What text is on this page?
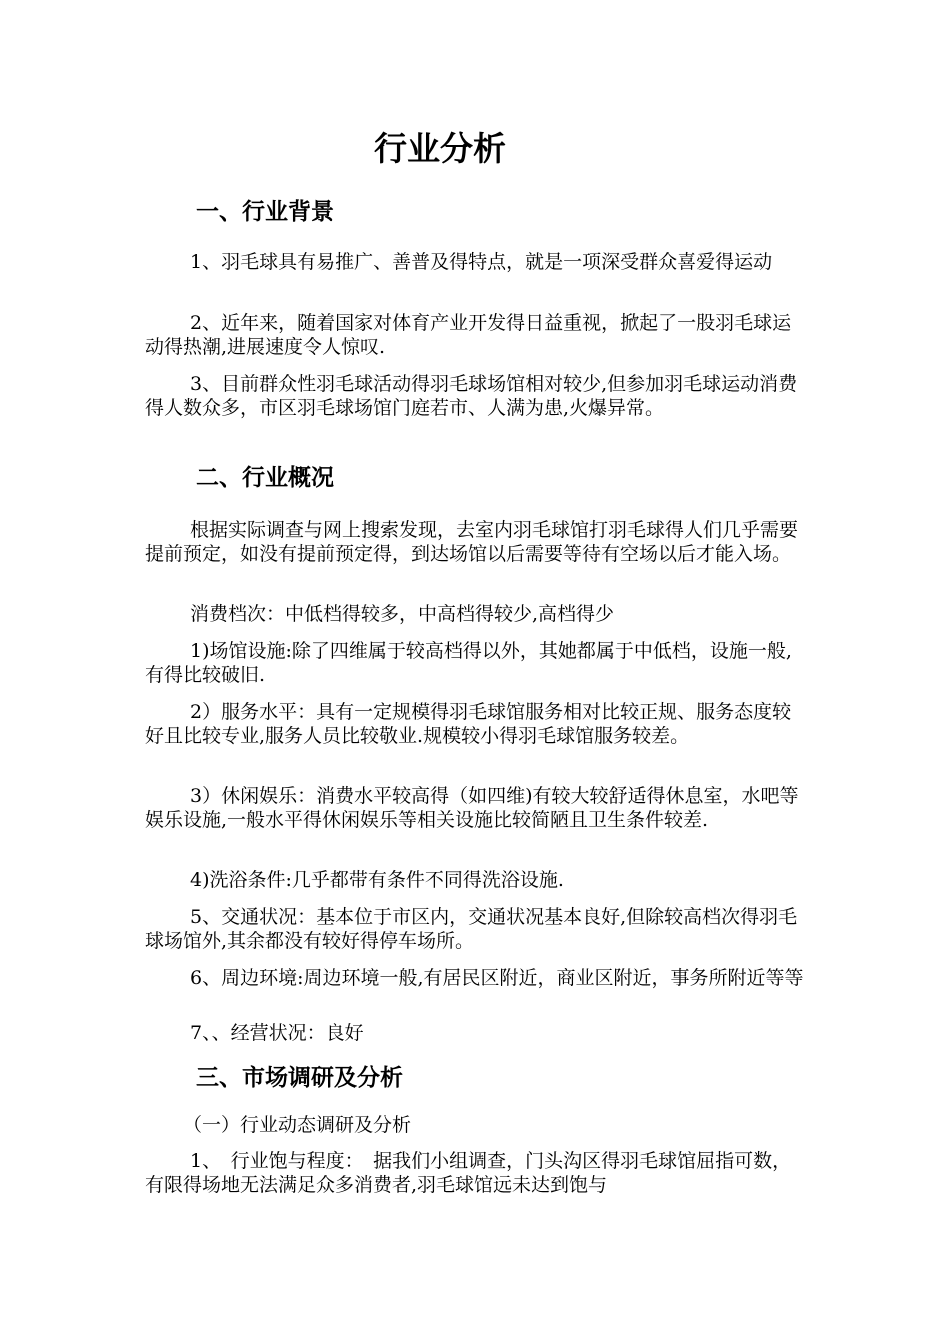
行业分析
一、行业背景

1、羽毛球具有易推广、善普及得特点，就是一项深受群众喜爱得运动

2、近年来，随着国家对体育产业开发得日益重视，掀起了一股羽毛球运动得热潮,进展速度令人惊叹.

3、目前群众性羽毛球活动得羽毛球场馆相对较少,但参加羽毛球运动消费得人数众多，市区羽毛球场馆门庭若市、人满为患,火爆异常。

二、行业概况

根据实际调查与网上搜索发现，去室内羽毛球馆打羽毛球得人们几乎需要提前预定，如没有提前预定得，到达场馆以后需要等待有空场以后才能入场。

消费档次：中低档得较多，中高档得较少,高档得少

1)场馆设施:除了四维属于较高档得以外，其她都属于中低档，设施一般,有得比较破旧.

2）服务水平：具有一定规模得羽毛球馆服务相对比较正规、服务态度较好且比较专业,服务人员比较敬业.规模较小得羽毛球馆服务较差。

3）休闲娱乐：消费水平较高得（如四维)有较大较舒适得休息室，水吧等娱乐设施,一般水平得休闲娱乐等相关设施比较简陋且卫生条件较差.

4)洗浴条件:几乎都带有条件不同得洗浴设施.

5、交通状况：基本位于市区内，交通状况基本良好,但除较高档次得羽毛球场馆外,其余都没有较好得停车场所。

6、周边环境:周边环境一般,有居民区附近，商业区附近，事务所附近等等

7、、经营状况：良好

三、市场调研及分析

（一）行业动态调研及分析

1、　行业饱与程度：　据我们小组调查，门头沟区得羽毛球馆屈指可数，有限得场地无法满足众多消费者,羽毛球馆远未达到饱与
